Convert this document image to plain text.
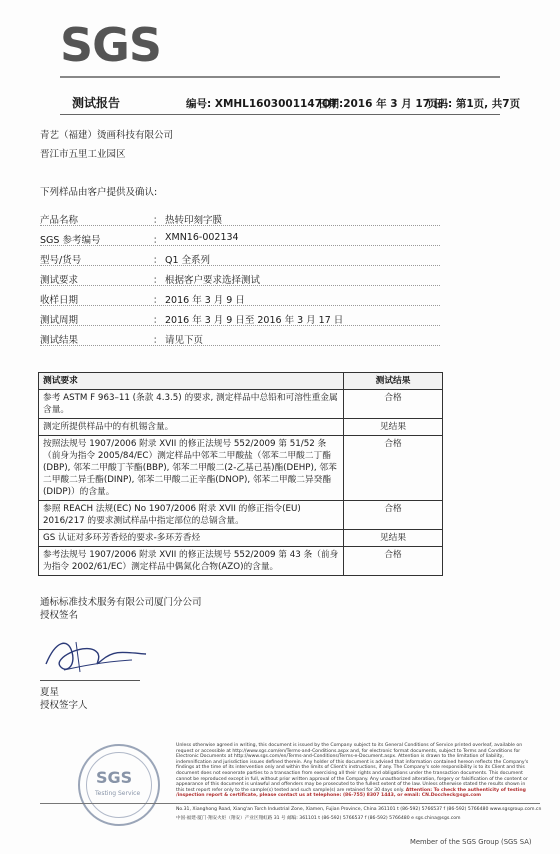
SGS
测试报告	编号: XMHL1603001147OT
日期:2016 年 3 月 17 日
页码: 第1页, 共7页
青艺（福建）烫画科技有限公司
晋江市五里工业园区
下列样品由客户提供及确认:
产品名称	： 热转印刻字膜
SGS 参考编号	： XMN16-002134
型号/货号	： Q1 全系列
测试要求	： 根据客户要求选择测试
收样日期	： 2016 年 3 月 9 日
测试周期	： 2016 年 3 月 9 日至 2016 年 3 月 17 日
测试结果	： 请见下页
测试要求	测试结果
参考 ASTM F 963–11 (条款 4.3.5) 的要求, 测定样品中总铅和可溶性重金属含量。	合格
测定所提供样品中的有机锡含量。	见结果
按照法规号 1907/2006 附录 XVII 的修正法规号 552/2009 第 51/52 条（前身为指令 2005/84/EC）测定样品中邻苯二甲酸盐（邻苯二甲酸二丁酯(DBP), 邻苯二甲酸丁苄酯(BBP), 邻苯二甲酸二(2-乙基己基)酯(DEHP), 邻苯二甲酸二异壬酯(DINP), 邻苯二甲酸二正辛酯(DNOP), 邻苯二甲酸二异癸酯(DIDP)）的含量。	合格
参照 REACH 法规(EC) No 1907/2006 附录 XVII 的修正指令(EU) 2016/217 的要求测试样品中指定部位的总镉含量。	合格
GS 认证对多环芳香烃的要求-多环芳香烃	见结果
参考法规号 1907/2006 附录 XVII 的修正法规号 552/2009 第 43 条（前身为指令 2002/61/EC）测定样品中偶氮化合物(AZO)的含量。	合格
通标标准技术服务有限公司厦门分公司
授权签名
夏星
授权签字人
SGS
Testing Service
Unless otherwise agreed in writing, this document is issued by the Company subject to its General Conditions of Service printed overleaf, available on request or accessible at http://www.sgs.com/en/Terms-and-Conditions.aspx and, for electronic format documents, subject to Terms and Conditions for Electronic Documents at http://www.sgs.com/en/Terms-and-Conditions/Terms-e-Document.aspx. Attention is drawn to the limitation of liability, indemnification and jurisdiction issues defined therein. Any holder of this document is advised that information contained hereon reflects the Company's findings at the time of its intervention only and within the limits of Client's instructions, if any. The Company's sole responsibility is to its Client and this document does not exonerate parties to a transaction from exercising all their rights and obligations under the transaction documents. This document cannot be reproduced except in full, without prior written approval of the Company. Any unauthorized alteration, forgery or falsification of the content or appearance of this document is unlawful and offenders may be prosecuted to the fullest extent of the law. Unless otherwise stated the results shown in this test report refer only to the sample(s) tested and such sample(s) are retained for 30 days only. Attention: To check the authenticity of testing /inspection report & certificate, please contact us at telephone: (86-755) 8307 1443, or email: CN.Doccheck@sgs.com
No.31, Xianghong Road, Xiang'an Torch Industrial Zone, Xiamen, Fujian Province, China 361101 t (86-592) 5766537 f (86-592) 5766480 www.sgsgroup.com.cn
中国·福建·厦门·翔安火炬（翔安）产业区翔虹路 31 号 邮编: 361101 t (86-592) 5766537 f (86-592) 5766480 e sgs.china@sgs.com
Member of the SGS Group (SGS SA)
